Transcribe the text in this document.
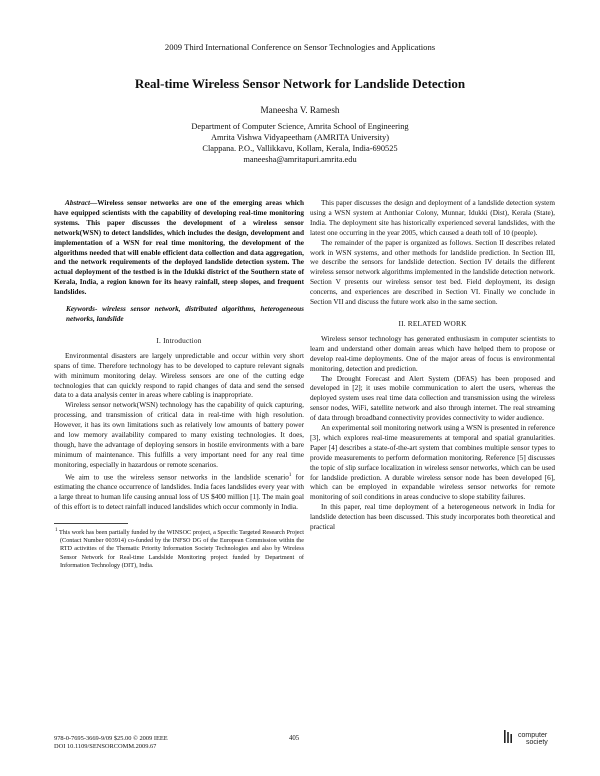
2009 Third International Conference on Sensor Technologies and Applications
Real-time Wireless Sensor Network for Landslide Detection
Maneesha V. Ramesh
Department of Computer Science, Amrita School of Engineering
Amrita Vishwa Vidyapeetham (AMRITA University)
Clappana. P.O., Vallikkavu, Kollam, Kerala, India-690525
maneesha@amritapuri.amrita.edu

Abstract—Wireless sensor networks are one of the emerging areas which have equipped scientists with the capability of developing real-time monitoring systems. This paper discusses the development of a wireless sensor network(WSN) to detect landslides, which includes the design, development and implementation of a WSN for real time monitoring, the development of the algorithms needed that will enable efficient data collection and data aggregation, and the network requirements of the deployed landslide detection system. The actual deployment of the testbed is in the Idukki district of the Southern state of Kerala, India, a region known for its heavy rainfall, steep slopes, and frequent landslides.

Keywords- wireless sensor network, distributed algorithms, heterogeneous networks, landslide
I. Introduction

Environmental disasters are largely unpredictable and occur within very short spans of time. Therefore technology has to be developed to capture relevant signals with minimum monitoring delay. Wireless sensors are one of the cutting edge technologies that can quickly respond to rapid changes of data and send the sensed data to a data analysis center in areas where cabling is inappropriate.

Wireless sensor network(WSN) technology has the capability of quick capturing, processing, and transmission of critical data in real-time with high resolution. However, it has its own limitations such as relatively low amounts of battery power and low memory availability compared to many existing technologies. It does, though, have the advantage of deploying sensors in hostile environments with a bare minimum of maintenance. This fulfills a very important need for any real time monitoring, especially in hazardous or remote scenarios.

We aim to use the wireless sensor networks in the landslide scenario$^1$ for estimating the chance occurrence of landslides. India faces landslides every year with a large threat to human life causing annual loss of US $400 million [1]. The main goal of this effort is to detect rainfall induced landslides which occur commonly in India.

$^1$ This work has been partially funded by the WINSOC project, a Specific Targeted Research Project (Contact Number 003914) co-funded by the INFSO DG of the European Commission within the RTD activities of the Thematic Priority Information Society Technologies and also by Wireless Sensor Network for Real-time Landslide Monitoring project funded by Department of Information Technology (DIT), India.

This paper discusses the design and deployment of a landslide detection system using a WSN system at Anthoniar Colony, Munnar, Idukki (Dist), Kerala (State), India. The deployment site has historically experienced several landslides, with the latest one occurring in the year 2005, which caused a death toll of 10 (people).

The remainder of the paper is organized as follows. Section II describes related work in WSN systems, and other methods for landslide prediction. In Section III, we describe the sensors for landslide detection. Section IV details the different wireless sensor network algorithms implemented in the landslide detection network. Section V presents our wireless sensor test bed. Field deployment, its design concerns, and experiences are described in Section VI. Finally we conclude in Section VII and discuss the future work also in the same section.

II. RELATED WORK

Wireless sensor technology has generated enthusiasm in computer scientists to learn and understand other domain areas which have helped them to propose or develop real-time deployments. One of the major areas of focus is environmental monitoring, detection and prediction.

The Drought Forecast and Alert System (DFAS) has been proposed and developed in [2]; it uses mobile communication to alert the users, whereas the deployed system uses real time data collection and transmission using the wireless sensor nodes, WiFi, satellite network and also through internet. The real streaming of data through broadband connectivity provides connectivity to wider audience.

An experimental soil monitoring network using a WSN is presented in reference [3], which explores real-time measurements at temporal and spatial granularities. Paper [4] describes a state-of-the-art system that combines multiple sensor types to provide measurements to perform deformation monitoring. Reference [5] discusses the topic of slip surface localization in wireless sensor networks, which can be used for landslide prediction. A durable wireless sensor node has been developed [6], which can be employed in expandable wireless sensor networks for remote monitoring of soil conditions in areas conducive to slope stability failures.

In this paper, real time deployment of a heterogeneous network in India for landslide detection has been discussed. This study incorporates both theoretical and practical

978-0-7695-3669-9/09 $25.00 © 2009 IEEE
DOI 10.1109/SENSORCOMM.2009.67
405	computer
society
